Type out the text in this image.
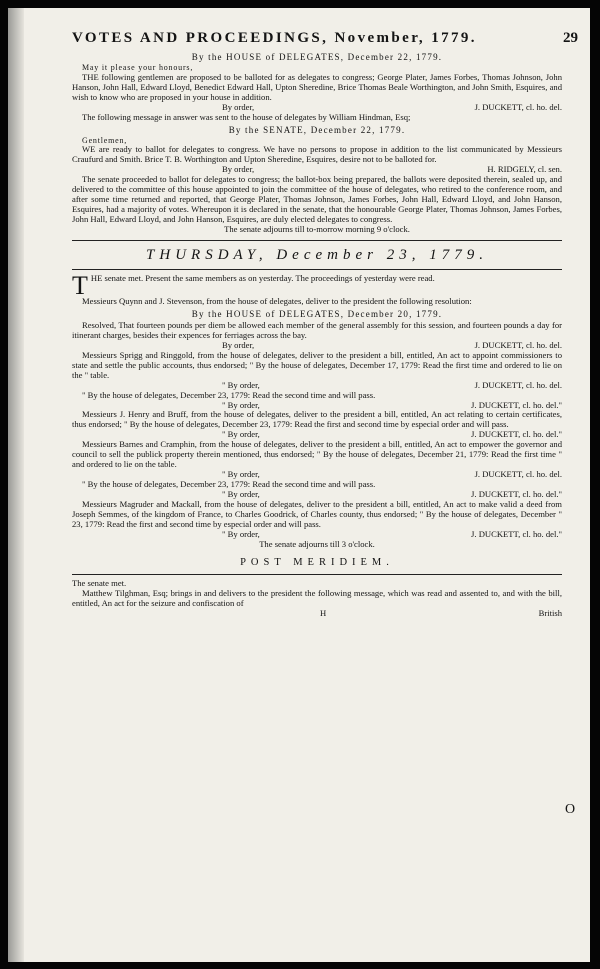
VOTES AND PROCEEDINGS, November, 1779.	29

By the HOUSE of DELEGATES, December 22, 1779.

May it please your honours,

THE following gentlemen are proposed to be balloted for as delegates to congress; George Plater, James Forbes, Thomas Johnson, John Hanson, John Hall, Edward Lloyd, Benedict Edward Hall, Upton Sheredine, Brice Thomas Beale Worthington, and John Smith, Esquires, and wish to know who are proposed in your house in addition.

By order,	J. DUCKETT, cl. ho. del.

The following message in answer was sent to the house of delegates by William Hindman, Esq;

By the SENATE, December 22, 1779.

Gentlemen,

WE are ready to ballot for delegates to congress. We have no persons to propose in addition to the list communicated by Messieurs Craufurd and Smith. Brice T. B. Worthington and Upton Sheredine, Esquires, desire not to be balloted for.

By order,	H. RIDGELY, cl. sen.

The senate proceeded to ballot for delegates to congress; the ballot-box being prepared, the ballots were deposited therein, sealed up, and delivered to the committee of this house appointed to join the committee of the house of delegates, who retired to the conference room, and after some time returned and reported, that George Plater, Thomas Johnson, James Forbes, John Hall, Edward Lloyd, and John Hanson, Esquires, had a majority of votes. Whereupon it is declared in the senate, that the honourable George Plater, Thomas Johnson, James Forbes, John Hall, Edward Lloyd, and John Hanson, Esquires, are duly elected delegates to congress.

The senate adjourns till to-morrow morning 9 o'clock.

THURSDAY, December 23, 1779.

THE senate met. Present the same members as on yesterday. The proceedings of yesterday were read.

Messieurs Quynn and J. Stevenson, from the house of delegates, deliver to the president the following resolution:

By the HOUSE of DELEGATES, December 20, 1779.

Resolved, That fourteen pounds per diem be allowed each member of the general assembly for this session, and fourteen pounds a day for itinerant charges, besides their expences for ferriages across the bay.

By order,	J. DUCKETT, cl. ho. del.

Messieurs Sprigg and Ringgold, from the house of delegates, deliver to the president a bill, entitled, An act to appoint commissioners to state and settle the public accounts, thus endorsed; " By the house of delegates, December 17, 1779: Read the first time and ordered to lie on the " table.

" By order,	J. DUCKETT, cl. ho. del.

" By the house of delegates, December 23, 1779: Read the second time and will pass.

" By order,	J. DUCKETT, cl. ho. del."

Messieurs J. Henry and Bruff, from the house of delegates, deliver to the president a bill, entitled, An act relating to certain certificates, thus endorsed; " By the house of delegates, December 23, 1779: Read the first and second time by especial order and will pass.

" By order,	J. DUCKETT, cl. ho. del."

Messieurs Barnes and Cramphin, from the house of delegates, deliver to the president a bill, entitled, An act to empower the governor and council to sell the publick property therein mentioned, thus endorsed; " By the house of delegates, December 21, 1779: Read the first time " and ordered to lie on the table.

" By order,	J. DUCKETT, cl. ho. del.

" By the house of delegates, December 23, 1779: Read the second time and will pass.

" By order,	J. DUCKETT, cl. ho. del."

Messieurs Magruder and Mackall, from the house of delegates, deliver to the president a bill, entitled, An act to make valid a deed from Joseph Semmes, of the kingdom of France, to Charles Goodrick, of Charles county, thus endorsed; " By the house of delegates, December " 23, 1779: Read the first and second time by especial order and will pass.

" By order,	J. DUCKETT, cl. ho. del."

The senate adjourns till 3 o'clock.

POST MERIDIEM.

The senate met.

Matthew Tilghman, Esq; brings in and delivers to the president the following message, which was read and assented to, and with the bill, entitled, An act for the seizure and confiscation of

H	British
O
